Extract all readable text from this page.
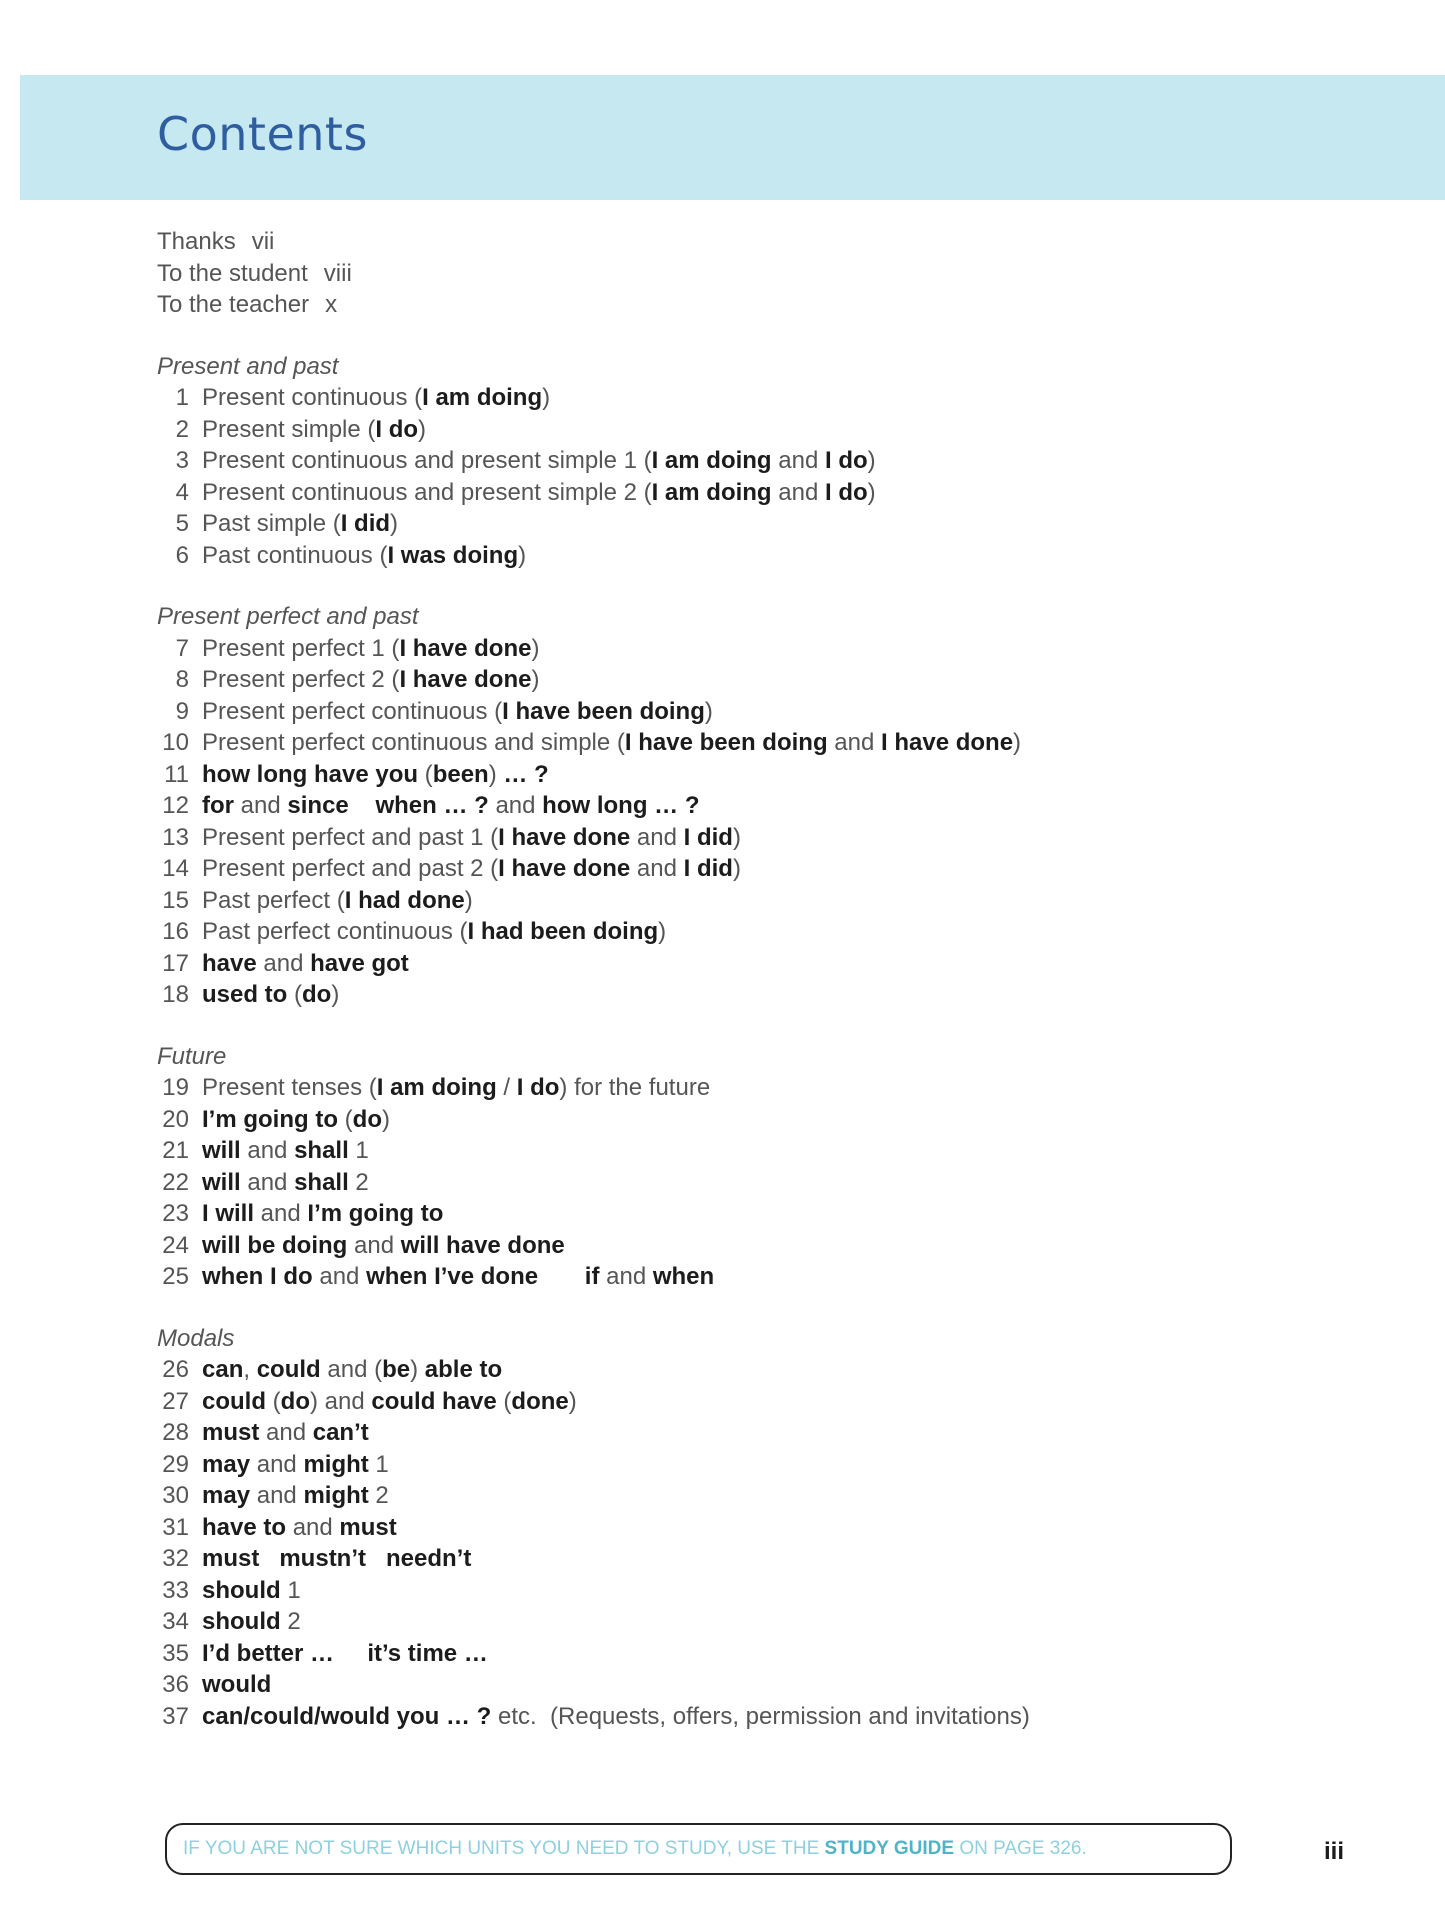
Contents
Thanks vii
To the student viii
To the teacher x
Present and past
1 Present continuous (I am doing)
2 Present simple (I do)
3 Present continuous and present simple 1 (I am doing and I do)
4 Present continuous and present simple 2 (I am doing and I do)
5 Past simple (I did)
6 Past continuous (I was doing)
Present perfect and past
7 Present perfect 1 (I have done)
8 Present perfect 2 (I have done)
9 Present perfect continuous (I have been doing)
10 Present perfect continuous and simple (I have been doing and I have done)
11 how long have you (been) … ?
12 for and since when … ? and how long … ?
13 Present perfect and past 1 (I have done and I did)
14 Present perfect and past 2 (I have done and I did)
15 Past perfect (I had done)
16 Past perfect continuous (I had been doing)
17 have and have got
18 used to (do)
Future
19 Present tenses (I am doing / I do) for the future
20 I’m going to (do)
21 will and shall 1
22 will and shall 2
23 I will and I’m going to
24 will be doing and will have done
25 when I do and when I’ve done if and when
Modals
26 can, could and (be) able to
27 could (do) and could have (done)
28 must and can’t
29 may and might 1
30 may and might 2
31 have to and must
32 must   mustn’t   needn’t
33 should 1
34 should 2
35 I’d better …     it’s time …
36 would
37 can/could/would you … ? etc.  (Requests, offers, permission and invitations)
IF YOU ARE NOT SURE WHICH UNITS YOU NEED TO STUDY, USE THE STUDY GUIDE ON PAGE 326.	iii
